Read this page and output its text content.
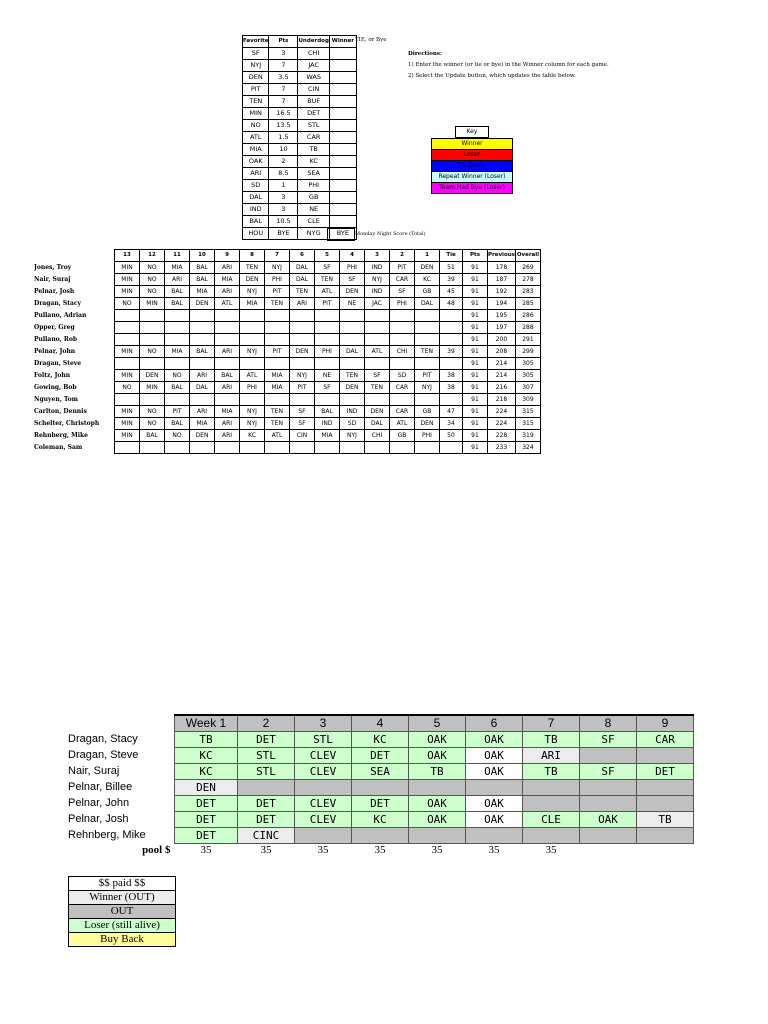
Favorite	Pts	Underdog	Winner
SF	3	CHI	
NYJ	7	JAC	
DEN	3.5	WAS	
PIT	7	CIN	
TEN	7	BUF	
MIN	16.5	DET	
NO	13.5	STL	
ATL	1.5	CAR	
MIA	10	TB	
OAK	2	KC	
ARI	8.5	SEA	
SD	1	PHI	
DAL	3	GB	
IND	3	NE	
BAL	10.5	CLE	
HOU	BYE	NYG	BYE
TIE, or Bye
Monday Night Score (Total)
Directions:
1) Enter the winner (or tie or bye) in the Winner column for each game.
2) Select the Update button, which updates the table below.
Key

Winner
Loser
Tie Game
Repeat Winner (Loser)
Team Had Bye (Loser)
	13	12	11	10	9	8	7	6	5	4	3	2	1	Tie	Pts	Previous	Overall
Jones, Troy	MIN	NO	MIA	BAL	ARI	TEN	NYJ	DAL	SF	PHI	IND	PIT	DEN	51	91	178	269
Nair, Suraj	MIN	NO	ARI	BAL	MIA	DEN	PHI	DAL	TEN	SF	NYJ	CAR	KC	39	91	187	278
Pelnar, Josh	MIN	NO	BAL	MIA	ARI	NYJ	PIT	TEN	ATL	DEN	IND	SF	GB	45	91	192	283
Dragan, Stacy	NO	MIN	BAL	DEN	ATL	MIA	TEN	ARI	PIT	NE	JAC	PHI	DAL	48	91	194	285
Pullano, Adrian															91	195	286
Opper, Greg															91	197	288
Pullano, Rob															91	200	291
Pelnar, John	MIN	NO	MIA	BAL	ARI	NYJ	PIT	DEN	PHI	DAL	ATL	CHI	TEN	39	91	208	299
Dragan, Steve															91	214	305
Foltz, John	MIN	DEN	NO	ARI	BAL	ATL	MIA	NYJ	NE	TEN	SF	SD	PIT	38	91	214	305
Gowing, Bob	NO	MIN	BAL	DAL	ARI	PHI	MIA	PIT	SF	DEN	TEN	CAR	NYJ	38	91	216	307
Nguyen, Tom															91	218	309
Carlton, Dennis	MIN	NO	PIT	ARI	MIA	NYJ	TEN	SF	BAL	IND	DEN	CAR	GB	47	91	224	315
Schelter, Christoph	MIN	NO	BAL	MIA	ARI	NYJ	TEN	SF	IND	SD	DAL	ATL	DEN	34	91	224	315
Rehnberg, Mike	MIN	BAL	NO	DEN	ARI	KC	ATL	CIN	MIA	NYJ	CHI	GB	PHI	50	91	228	319
Coleman, Sam															91	233	324
	Week 1	2	3	4	5	6	7	8	9
Dragan, Stacy	TB	DET	STL	KC	OAK	OAK	TB	SF	CAR
Dragan, Steve	KC	STL	CLEV	DET	OAK	OAK	ARI		
Nair, Suraj	KC	STL	CLEV	SEA	TB	OAK	TB	SF	DET
Pelnar, Billee	DEN								
Pelnar, John	DET	DET	CLEV	DET	OAK	OAK			
Pelnar, Josh	DET	DET	CLEV	KC	OAK	OAK	CLE	OAK	TB
Rehnberg, Mike	DET	CINC							
pool $	35	35	35	35	35	35	35		
$$ paid $$
Winner (OUT)
OUT
Loser (still alive)
Buy Back
